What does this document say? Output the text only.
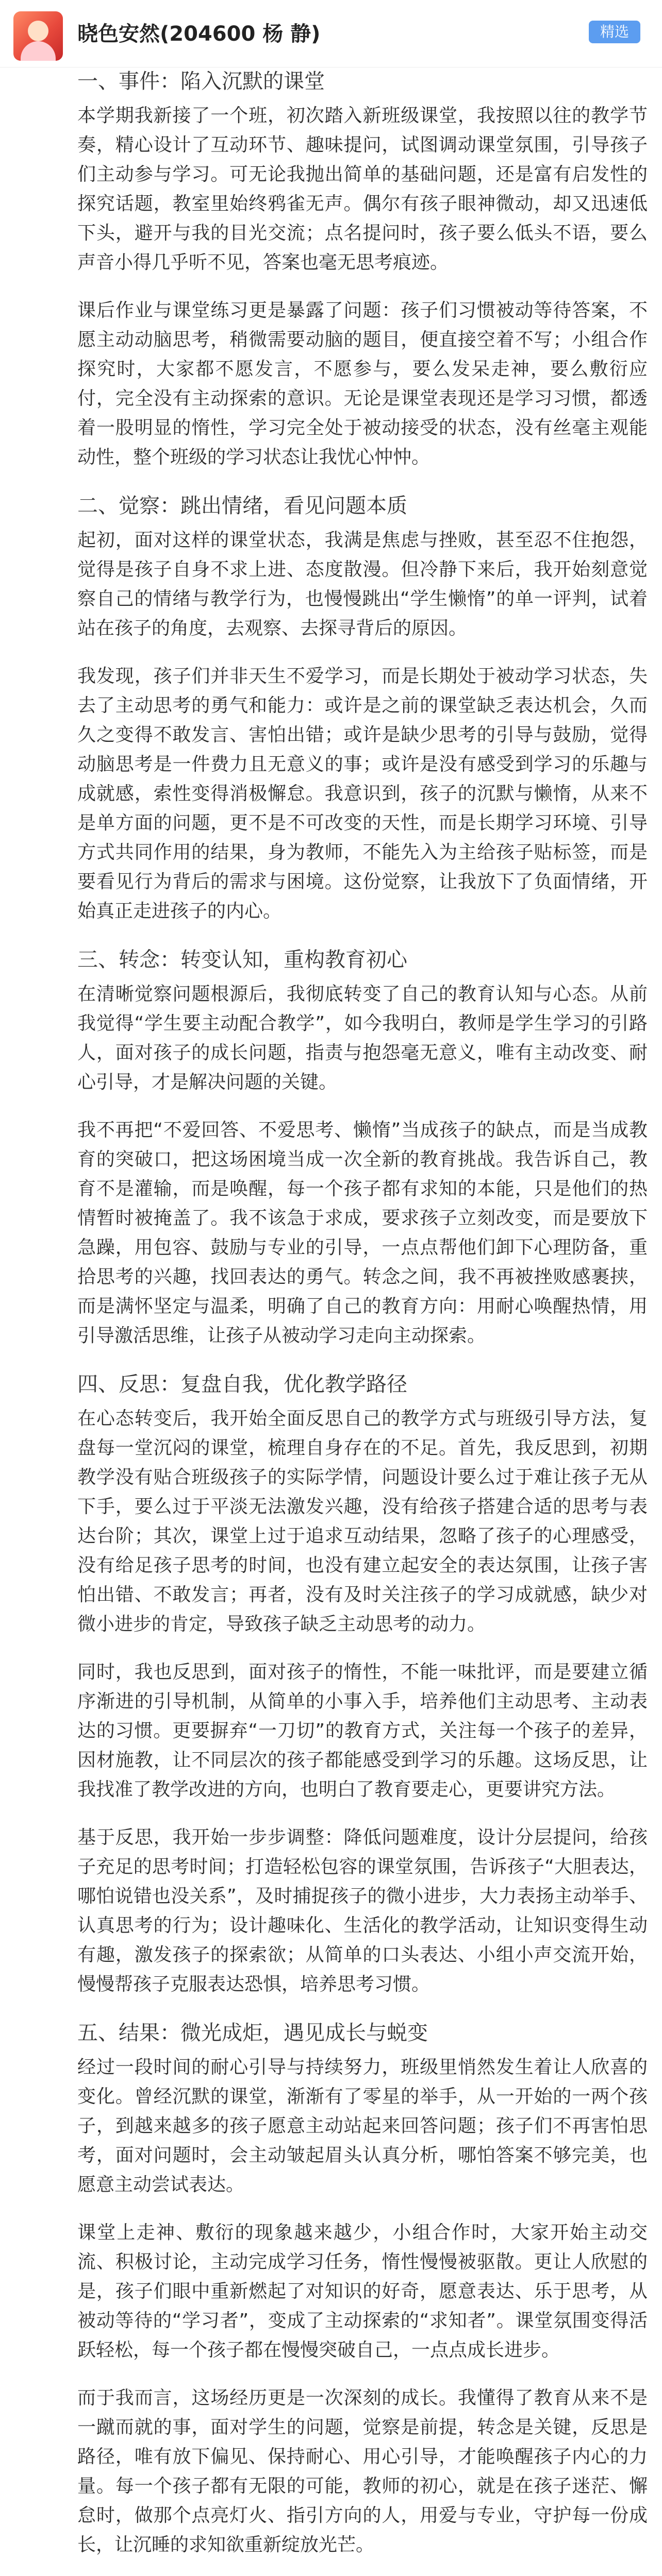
晓色安然(204600 杨 静)	精选
一、事件：陷入沉默的课堂

本学期我新接了一个班，初次踏入新班级课堂，我按照以往的教学节奏，精心设计了互动环节、趣味提问，试图调动课堂氛围，引导孩子们主动参与学习。可无论我抛出简单的基础问题，还是富有启发性的探究话题，教室里始终鸦雀无声。偶尔有孩子眼神微动，却又迅速低下头，避开与我的目光交流；点名提问时，孩子要么低头不语，要么声音小得几乎听不见，答案也毫无思考痕迹。

课后作业与课堂练习更是暴露了问题：孩子们习惯被动等待答案，不愿主动动脑思考，稍微需要动脑的题目，便直接空着不写；小组合作探究时，大家都不愿发言，不愿参与，要么发呆走神，要么敷衍应付，完全没有主动探索的意识。无论是课堂表现还是学习习惯，都透着一股明显的惰性，学习完全处于被动接受的状态，没有丝毫主观能动性，整个班级的学习状态让我忧心忡忡。

二、觉察：跳出情绪，看见问题本质

起初，面对这样的课堂状态，我满是焦虑与挫败，甚至忍不住抱怨，觉得是孩子自身不求上进、态度散漫。但冷静下来后，我开始刻意觉察自己的情绪与教学行为，也慢慢跳出“学生懒惰”的单一评判，试着站在孩子的角度，去观察、去探寻背后的原因。

我发现，孩子们并非天生不爱学习，而是长期处于被动学习状态，失去了主动思考的勇气和能力：或许是之前的课堂缺乏表达机会，久而久之变得不敢发言、害怕出错；或许是缺少思考的引导与鼓励，觉得动脑思考是一件费力且无意义的事；或许是没有感受到学习的乐趣与成就感，索性变得消极懈怠。我意识到，孩子的沉默与懒惰，从来不是单方面的问题，更不是不可改变的天性，而是长期学习环境、引导方式共同作用的结果，身为教师，不能先入为主给孩子贴标签，而是要看见行为背后的需求与困境。这份觉察，让我放下了负面情绪，开始真正走进孩子的内心。

三、转念：转变认知，重构教育初心

在清晰觉察问题根源后，我彻底转变了自己的教育认知与心态。从前我觉得“学生要主动配合教学”，如今我明白，教师是学生学习的引路人，面对孩子的成长问题，指责与抱怨毫无意义，唯有主动改变、耐心引导，才是解决问题的关键。

我不再把“不爱回答、不爱思考、懒惰”当成孩子的缺点，而是当成教育的突破口，把这场困境当成一次全新的教育挑战。我告诉自己，教育不是灌输，而是唤醒，每一个孩子都有求知的本能，只是他们的热情暂时被掩盖了。我不该急于求成，要求孩子立刻改变，而是要放下急躁，用包容、鼓励与专业的引导，一点点帮他们卸下心理防备，重拾思考的兴趣，找回表达的勇气。转念之间，我不再被挫败感裹挟，而是满怀坚定与温柔，明确了自己的教育方向：用耐心唤醒热情，用引导激活思维，让孩子从被动学习走向主动探索。

四、反思：复盘自我，优化教学路径

在心态转变后，我开始全面反思自己的教学方式与班级引导方法，复盘每一堂沉闷的课堂，梳理自身存在的不足。首先，我反思到，初期教学没有贴合班级孩子的实际学情，问题设计要么过于难让孩子无从下手，要么过于平淡无法激发兴趣，没有给孩子搭建合适的思考与表达台阶；其次，课堂上过于追求互动结果，忽略了孩子的心理感受，没有给足孩子思考的时间，也没有建立起安全的表达氛围，让孩子害怕出错、不敢发言；再者，没有及时关注孩子的学习成就感，缺少对微小进步的肯定，导致孩子缺乏主动思考的动力。

同时，我也反思到，面对孩子的惰性，不能一味批评，而是要建立循序渐进的引导机制，从简单的小事入手，培养他们主动思考、主动表达的习惯。更要摒弃“一刀切”的教育方式，关注每一个孩子的差异，因材施教，让不同层次的孩子都能感受到学习的乐趣。这场反思，让我找准了教学改进的方向，也明白了教育要走心，更要讲究方法。

基于反思，我开始一步步调整：降低问题难度，设计分层提问，给孩子充足的思考时间；打造轻松包容的课堂氛围，告诉孩子“大胆表达，哪怕说错也没关系”，及时捕捉孩子的微小进步，大力表扬主动举手、认真思考的行为；设计趣味化、生活化的教学活动，让知识变得生动有趣，激发孩子的探索欲；从简单的口头表达、小组小声交流开始，慢慢帮孩子克服表达恐惧，培养思考习惯。

五、结果：微光成炬，遇见成长与蜕变

经过一段时间的耐心引导与持续努力，班级里悄然发生着让人欣喜的变化。曾经沉默的课堂，渐渐有了零星的举手，从一开始的一两个孩子，到越来越多的孩子愿意主动站起来回答问题；孩子们不再害怕思考，面对问题时，会主动皱起眉头认真分析，哪怕答案不够完美，也愿意主动尝试表达。

课堂上走神、敷衍的现象越来越少，小组合作时，大家开始主动交流、积极讨论，主动完成学习任务，惰性慢慢被驱散。更让人欣慰的是，孩子们眼中重新燃起了对知识的好奇，愿意表达、乐于思考，从被动等待的“学习者”，变成了主动探索的“求知者”。课堂氛围变得活跃轻松，每一个孩子都在慢慢突破自己，一点点成长进步。

而于我而言，这场经历更是一次深刻的成长。我懂得了教育从来不是一蹴而就的事，面对学生的问题，觉察是前提，转念是关键，反思是路径，唯有放下偏见、保持耐心、用心引导，才能唤醒孩子内心的力量。每一个孩子都有无限的可能，教师的初心，就是在孩子迷茫、懈怠时，做那个点亮灯火、指引方向的人，用爱与专业，守护每一份成长，让沉睡的求知欲重新绽放光芒。
